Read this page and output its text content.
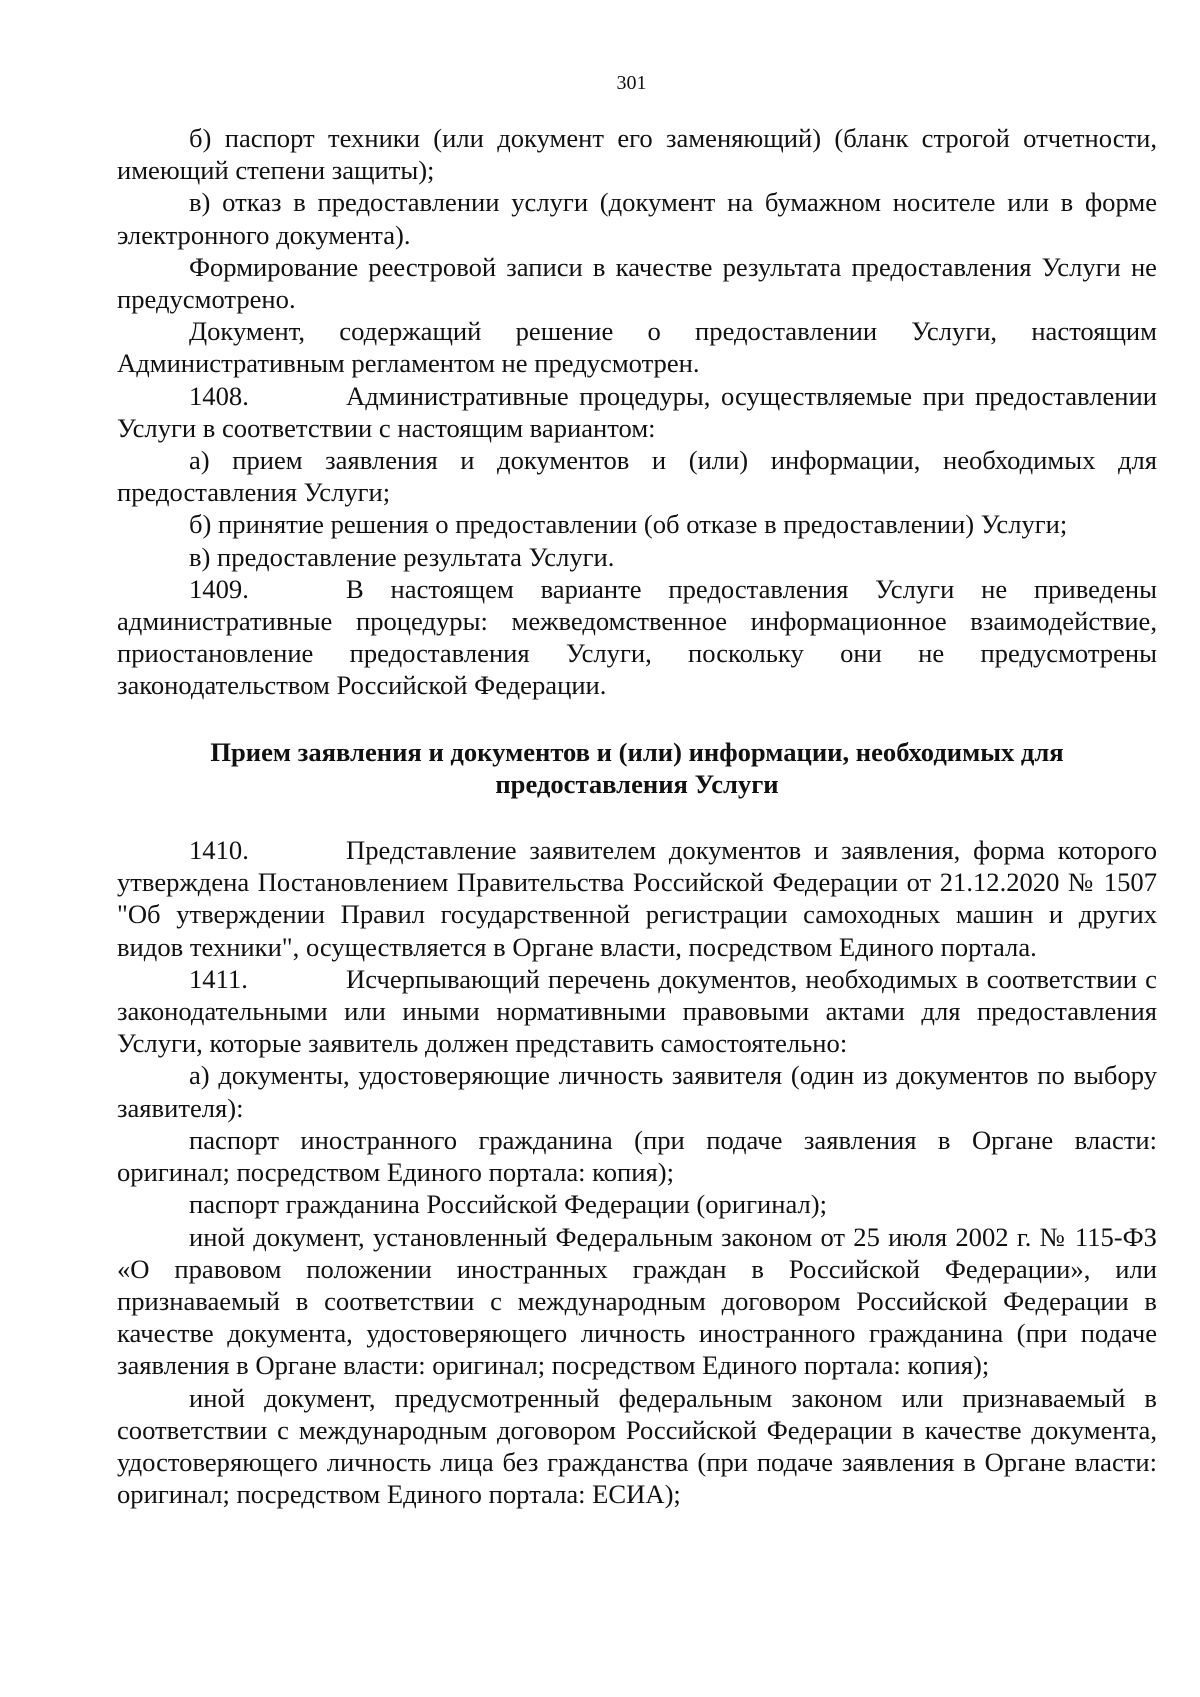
301

б) паспорт техники (или документ его заменяющий) (бланк строгой отчетности, имеющий степени защиты);

в) отказ в предоставлении услуги (документ на бумажном носителе или в форме электронного документа).

Формирование реестровой записи в качестве результата предоставления Услуги не предусмотрено.

Документ, содержащий решение о предоставлении Услуги, настоящим Административным регламентом не предусмотрен.

1408.	Административные процедуры, осуществляемые при предоставлении Услуги в соответствии с настоящим вариантом:

а) прием заявления и документов и (или) информации, необходимых для предоставления Услуги;

б) принятие решения о предоставлении (об отказе в предоставлении) Услуги;

в) предоставление результата Услуги.

1409.	В настоящем варианте предоставления Услуги не приведены административные процедуры: межведомственное информационное взаимодействие, приостановление предоставления Услуги, поскольку они не предусмотрены законодательством Российской Федерации.

Прием заявления и документов и (или) информации, необходимых для
предоставления Услуги

1410.	Представление заявителем документов и заявления, форма которого утверждена Постановлением Правительства Российской Федерации от 21.12.2020 № 1507 "Об утверждении Правил государственной регистрации самоходных машин и других видов техники", осуществляется в Органе власти, посредством Единого портала.

1411.	Исчерпывающий перечень документов, необходимых в соответствии с законодательными или иными нормативными правовыми актами для предоставления Услуги, которые заявитель должен представить самостоятельно:

а) документы, удостоверяющие личность заявителя (один из документов по выбору заявителя):

паспорт иностранного гражданина (при подаче заявления в Органе власти: оригинал; посредством Единого портала: копия);

паспорт гражданина Российской Федерации (оригинал);

иной документ, установленный Федеральным законом от 25 июля 2002 г. № 115-ФЗ «О правовом положении иностранных граждан в Российской Федерации», или признаваемый в соответствии с международным договором Российской Федерации в качестве документа, удостоверяющего личность иностранного гражданина (при подаче заявления в Органе власти: оригинал; посредством Единого портала: копия);

иной документ, предусмотренный федеральным законом или признаваемый в соответствии с международным договором Российской Федерации в качестве документа, удостоверяющего личность лица без гражданства (при подаче заявления в Органе власти: оригинал; посредством Единого портала: ЕСИА);
